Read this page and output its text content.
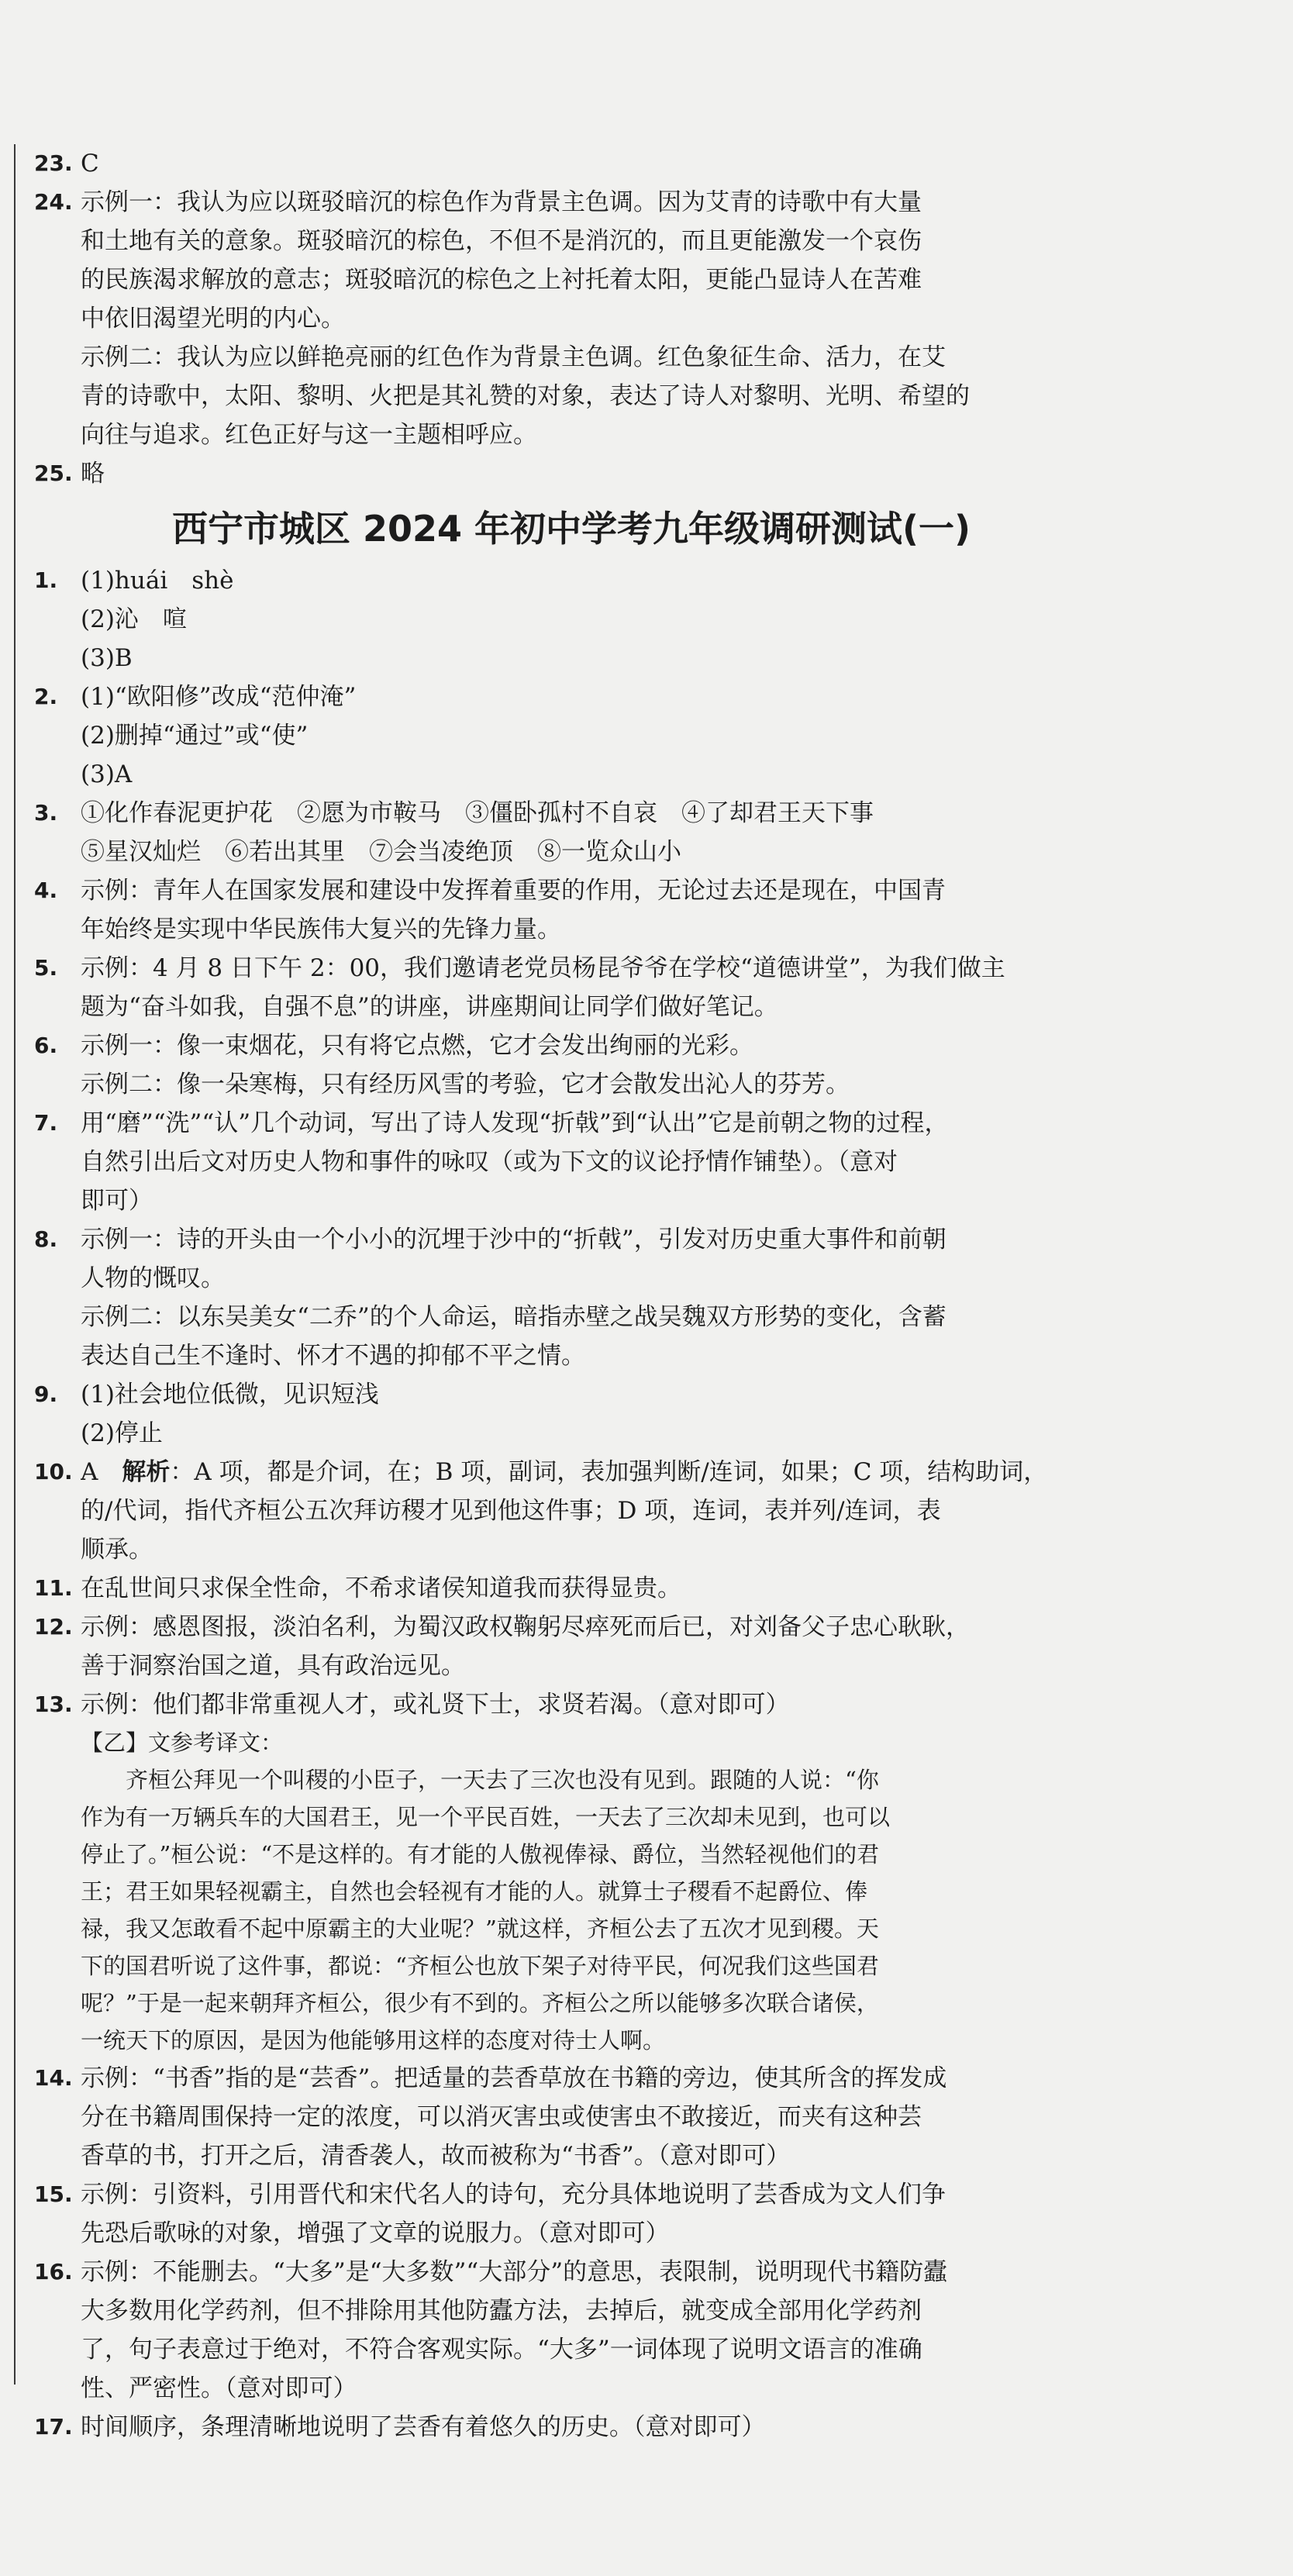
23. C
24. 示例一：我认为应以斑驳暗沉的棕色作为背景主色调。因为艾青的诗歌中有大量
和土地有关的意象。斑驳暗沉的棕色，不但不是消沉的，而且更能激发一个哀伤
的民族渴求解放的意志；斑驳暗沉的棕色之上衬托着太阳，更能凸显诗人在苦难
中依旧渴望光明的内心。
示例二：我认为应以鲜艳亮丽的红色作为背景主色调。红色象征生命、活力，在艾
青的诗歌中，太阳、黎明、火把是其礼赞的对象，表达了诗人对黎明、光明、希望的
向往与追求。红色正好与这一主题相呼应。
25. 略
西宁市城区 2024 年初中学考九年级调研测试(一)
1. (1)huái　shè
(2)沁　喧
(3)B
2. (1)“欧阳修”改成“范仲淹”
(2)删掉“通过”或“使”
(3)A
3. ①化作春泥更护花　②愿为市鞍马　③僵卧孤村不自哀　④了却君王天下事
⑤星汉灿烂　⑥若出其里　⑦会当凌绝顶　⑧一览众山小
4. 示例：青年人在国家发展和建设中发挥着重要的作用，无论过去还是现在，中国青
年始终是实现中华民族伟大复兴的先锋力量。
5. 示例：4 月 8 日下午 2：00，我们邀请老党员杨昆爷爷在学校“道德讲堂”，为我们做主
题为“奋斗如我，自强不息”的讲座，讲座期间让同学们做好笔记。
6. 示例一：像一束烟花，只有将它点燃，它才会发出绚丽的光彩。
示例二：像一朵寒梅，只有经历风雪的考验，它才会散发出沁人的芬芳。
7. 用“磨”“洗”“认”几个动词，写出了诗人发现“折戟”到“认出”它是前朝之物的过程，
自然引出后文对历史人物和事件的咏叹（或为下文的议论抒情作铺垫）。（意对
即可）
8. 示例一：诗的开头由一个小小的沉埋于沙中的“折戟”，引发对历史重大事件和前朝
人物的慨叹。
示例二：以东吴美女“二乔”的个人命运，暗指赤壁之战吴魏双方形势的变化，含蓄
表达自己生不逢时、怀才不遇的抑郁不平之情。
9. (1)社会地位低微，见识短浅
(2)停止
10. A　解析：A 项，都是介词，在；B 项，副词，表加强判断/连词，如果；C 项，结构助词，
的/代词，指代齐桓公五次拜访稷才见到他这件事；D 项，连词，表并列/连词，表
顺承。
11. 在乱世间只求保全性命，不希求诸侯知道我而获得显贵。
12. 示例：感恩图报，淡泊名利，为蜀汉政权鞠躬尽瘁死而后已，对刘备父子忠心耿耿，
善于洞察治国之道，具有政治远见。
13. 示例：他们都非常重视人才，或礼贤下士，求贤若渴。（意对即可）
【乙】文参考译文：
　　齐桓公拜见一个叫稷的小臣子，一天去了三次也没有见到。跟随的人说：“你
作为有一万辆兵车的大国君王，见一个平民百姓，一天去了三次却未见到，也可以
停止了。”桓公说：“不是这样的。有才能的人傲视俸禄、爵位，当然轻视他们的君
王；君王如果轻视霸主，自然也会轻视有才能的人。就算士子稷看不起爵位、俸
禄，我又怎敢看不起中原霸主的大业呢？”就这样，齐桓公去了五次才见到稷。天
下的国君听说了这件事，都说：“齐桓公也放下架子对待平民，何况我们这些国君
呢？”于是一起来朝拜齐桓公，很少有不到的。齐桓公之所以能够多次联合诸侯，
一统天下的原因，是因为他能够用这样的态度对待士人啊。
14. 示例：“书香”指的是“芸香”。把适量的芸香草放在书籍的旁边，使其所含的挥发成
分在书籍周围保持一定的浓度，可以消灭害虫或使害虫不敢接近，而夹有这种芸
香草的书，打开之后，清香袭人，故而被称为“书香”。（意对即可）
15. 示例：引资料，引用晋代和宋代名人的诗句，充分具体地说明了芸香成为文人们争
先恐后歌咏的对象，增强了文章的说服力。（意对即可）
16. 示例：不能删去。“大多”是“大多数”“大部分”的意思，表限制，说明现代书籍防蠹
大多数用化学药剂，但不排除用其他防蠹方法，去掉后，就变成全部用化学药剂
了，句子表意过于绝对，不符合客观实际。“大多”一词体现了说明文语言的准确
性、严密性。（意对即可）
17. 时间顺序，条理清晰地说明了芸香有着悠久的历史。（意对即可）
